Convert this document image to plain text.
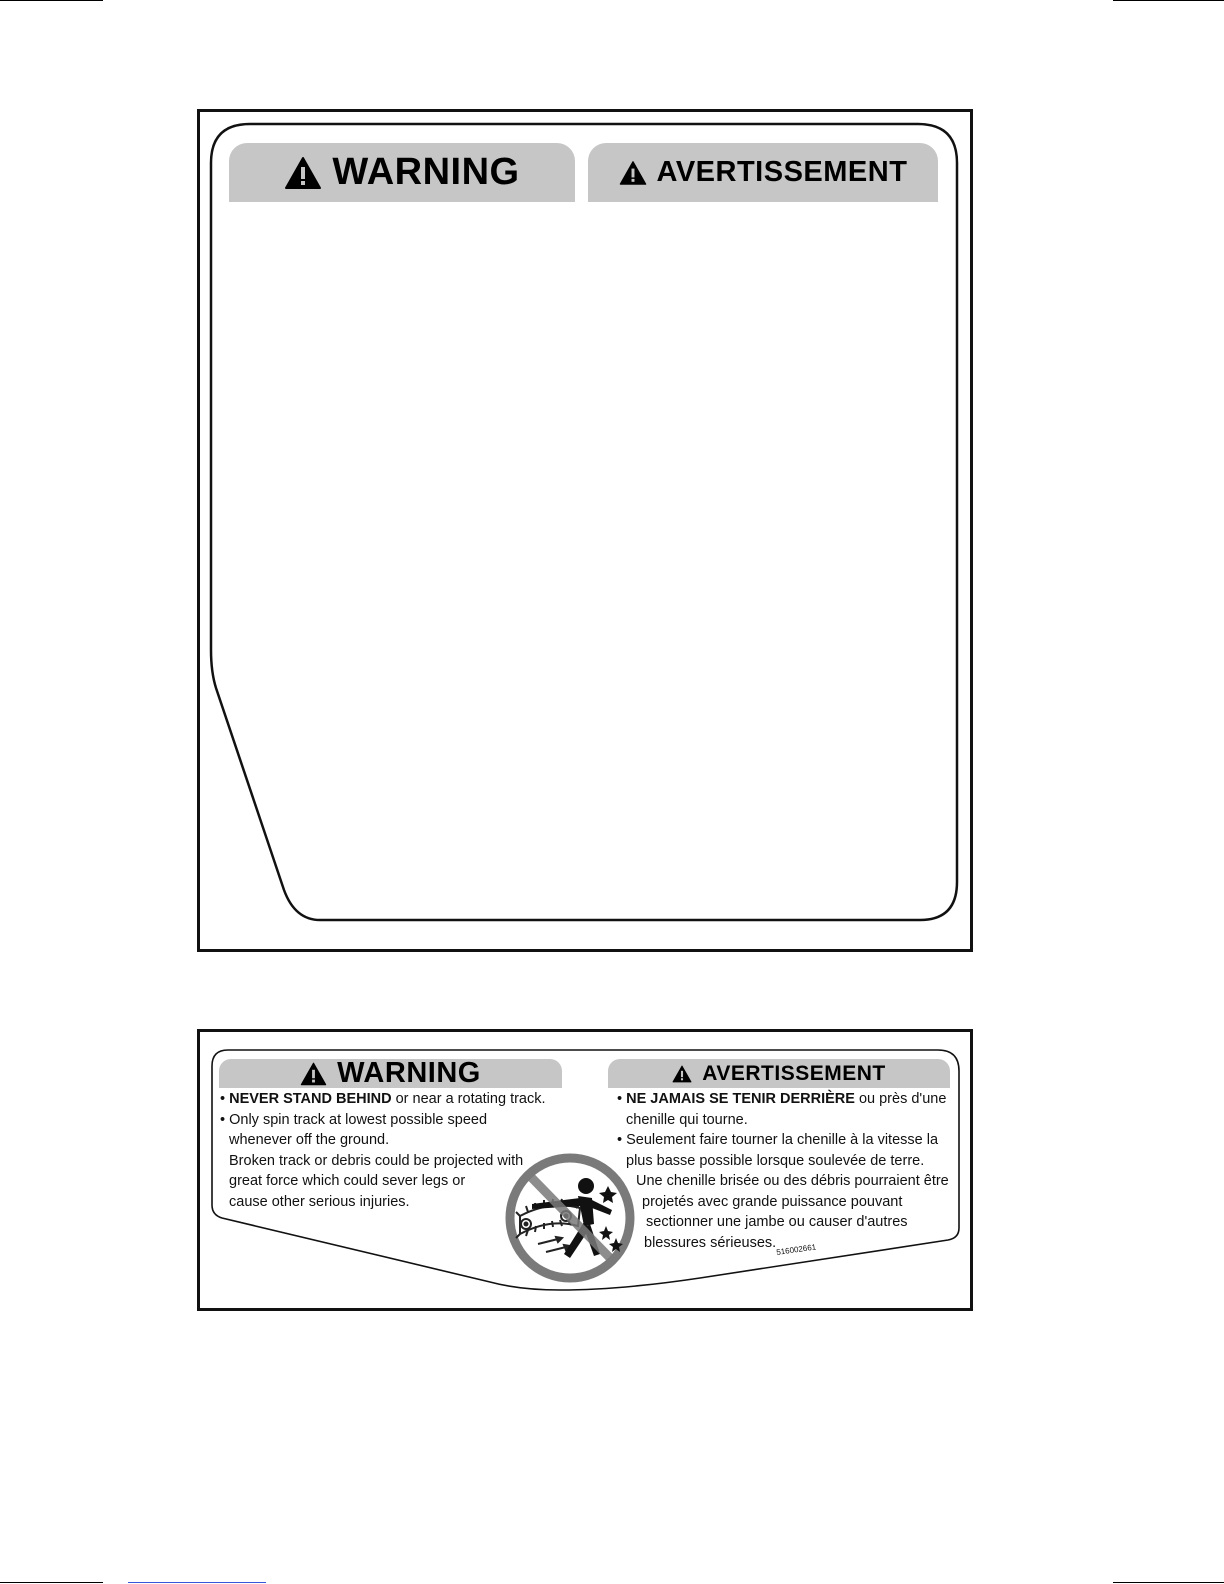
WARNING	AVERTISSEMENT
WARNING	AVERTISSEMENT
• NEVER STAND BEHIND or near a rotating track.
• Only spin track at lowest possible speed
whenever off the ground.
Broken track or debris could be projected with
great force which could sever legs or
cause other serious injuries.
• NE JAMAIS SE TENIR DERRIÈRE ou près d'une
chenille qui tourne.
• Seulement faire tourner la chenille à la vitesse la
plus basse possible lorsque soulevée de terre.
Une chenille brisée ou des débris pourraient être
projetés avec grande puissance pouvant
sectionner une jambe ou causer d'autres
blessures sérieuses. 516002661
